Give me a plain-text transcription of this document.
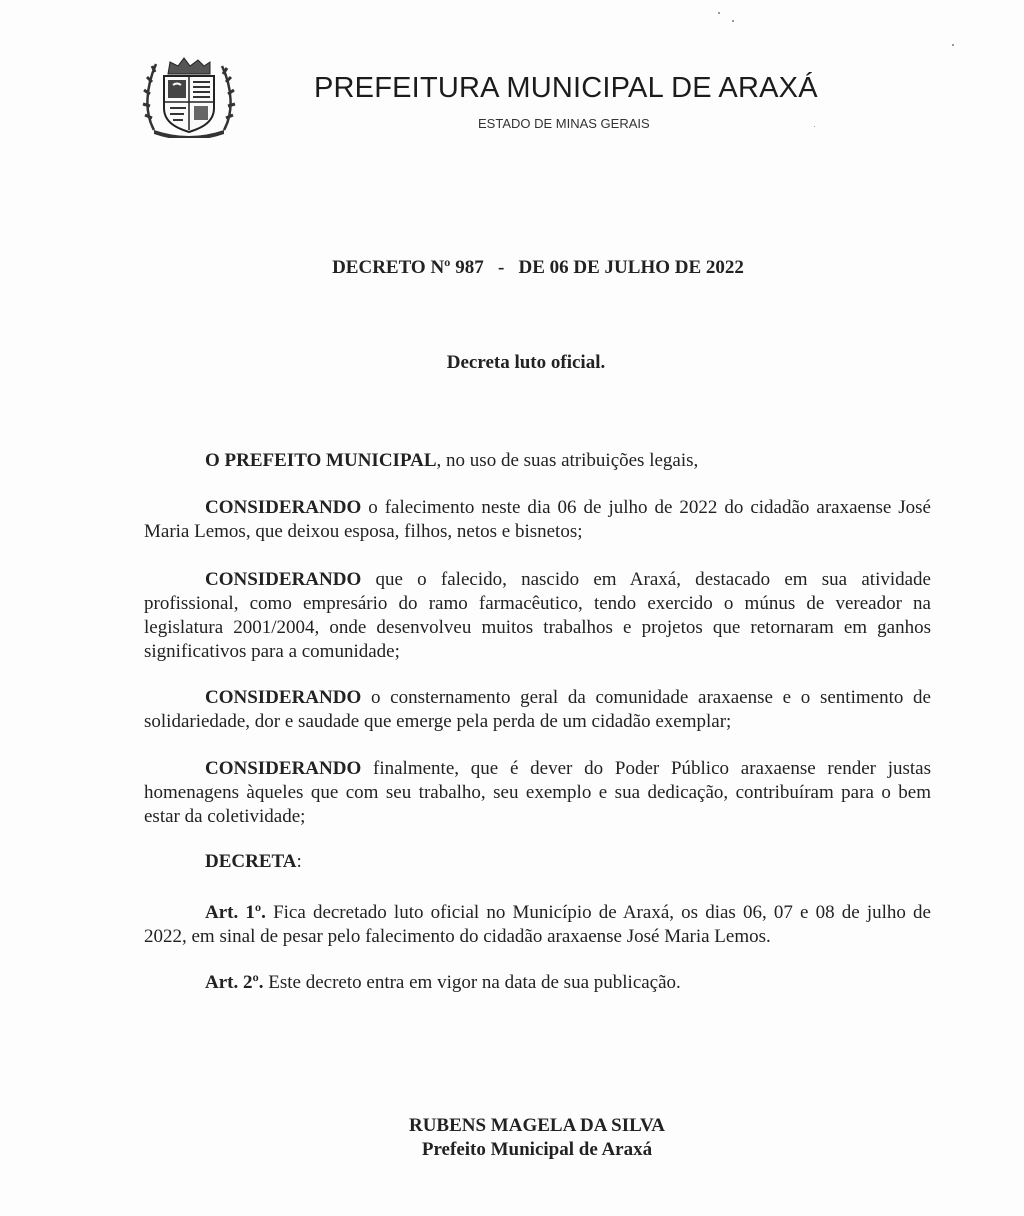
PREFEITURA MUNICIPAL DE ARAXÁ
ESTADO DE MINAS GERAIS
DECRETO Nº 987   -   DE 06 DE JULHO DE 2022
Decreta luto oficial.
O PREFEITO MUNICIPAL, no uso de suas atribuições legais,
CONSIDERANDO o falecimento neste dia 06 de julho de 2022 do cidadão araxaense José Maria Lemos, que deixou esposa, filhos, netos e bisnetos;
CONSIDERANDO que o falecido, nascido em Araxá, destacado em sua atividade profissional, como empresário do ramo farmacêutico, tendo exercido o múnus de vereador na legislatura 2001/2004, onde desenvolveu muitos trabalhos e projetos que retornaram em ganhos significativos para a comunidade;
CONSIDERANDO o consternamento geral da comunidade araxaense e o sentimento de solidariedade, dor e saudade que emerge pela perda de um cidadão exemplar;
CONSIDERANDO finalmente, que é dever do Poder Público araxaense render justas homenagens àqueles que com seu trabalho, seu exemplo e sua dedicação, contribuíram para o bem estar da coletividade;
DECRETA:
Art. 1º. Fica decretado luto oficial no Município de Araxá, os dias 06, 07 e 08 de julho de 2022, em sinal de pesar pelo falecimento do cidadão araxaense José Maria Lemos.
Art. 2º. Este decreto entra em vigor na data de sua publicação.
RUBENS MAGELA DA SILVA
Prefeito Municipal de Araxá
